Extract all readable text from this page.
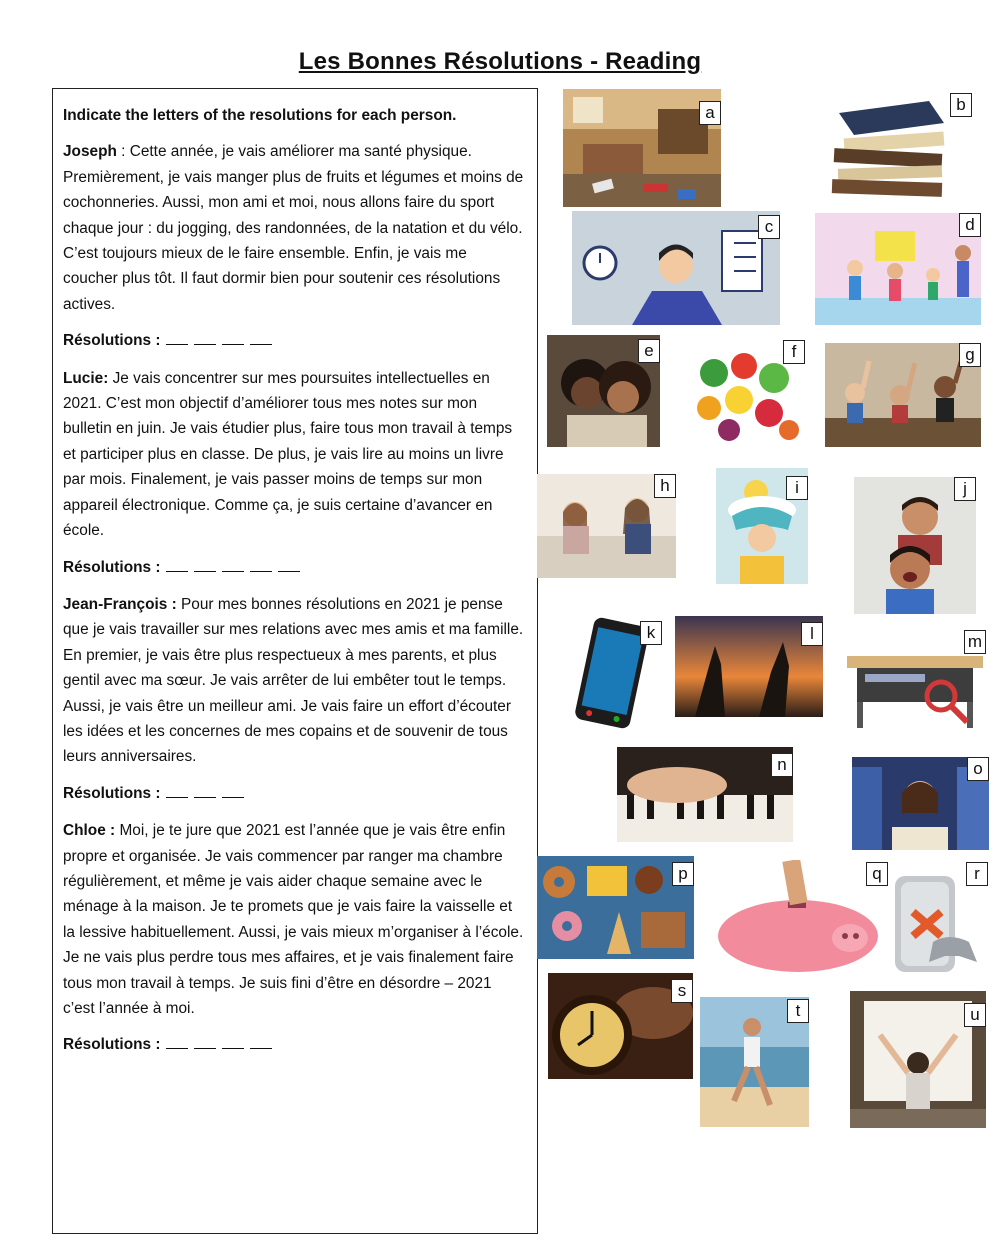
Les Bonnes Résolutions - Reading

Indicate the letters of the resolutions for each person.

Joseph : Cette année, je vais améliorer ma santé physique. Premièrement, je vais manger plus de fruits et légumes et moins de cochonneries. Aussi, mon ami et moi, nous allons faire du sport chaque jour : du jogging, des randonnées, de la natation et du vélo. C’est toujours mieux de le faire ensemble. Enfin, je vais me coucher plus tôt. Il faut dormir bien pour soutenir ces résolutions actives.

Résolutions :

Lucie: Je vais concentrer sur mes poursuites intellectuelles en 2021. C’est mon objectif d’améliorer tous mes notes sur mon bulletin en juin. Je vais étudier plus, faire tous mon travail à temps et participer plus en classe. De plus, je vais lire au moins un livre par mois. Finalement, je vais passer moins de temps sur mon appareil électronique. Comme ça, je suis certaine d’avancer en école.

Résolutions :

Jean-François : Pour mes bonnes résolutions en 2021 je pense que je vais travailler sur mes relations avec mes amis et ma famille. En premier, je vais être plus respectueux à mes parents, et plus gentil avec ma sœur. Je vais arrêter de lui embêter tout le temps. Aussi, je vais être un meilleur ami. Je vais faire un effort d’écouter les idées et les concernes de mes copains et de souvenir de tous leurs anniversaires.

Résolutions :

Chloe : Moi, je te jure que 2021 est l’année que je vais être enfin propre et organisée. Je vais commencer par ranger ma chambre régulièrement, et même je vais aider chaque semaine avec le ménage à la maison. Je te promets que je vais faire la vaisselle et la lessive habituellement. Aussi, je vais mieux m’organiser à l’école. Je ne vais plus perdre tous mes affaires, et je vais finalement faire tous mon travail à temps. Je suis fini d’être en désordre – 2021 c’est l’année à moi.

Résolutions :

a	b
c	d
e	f	g
h	i	j
k	l	m
n	o
p	q	r
s
t	u
